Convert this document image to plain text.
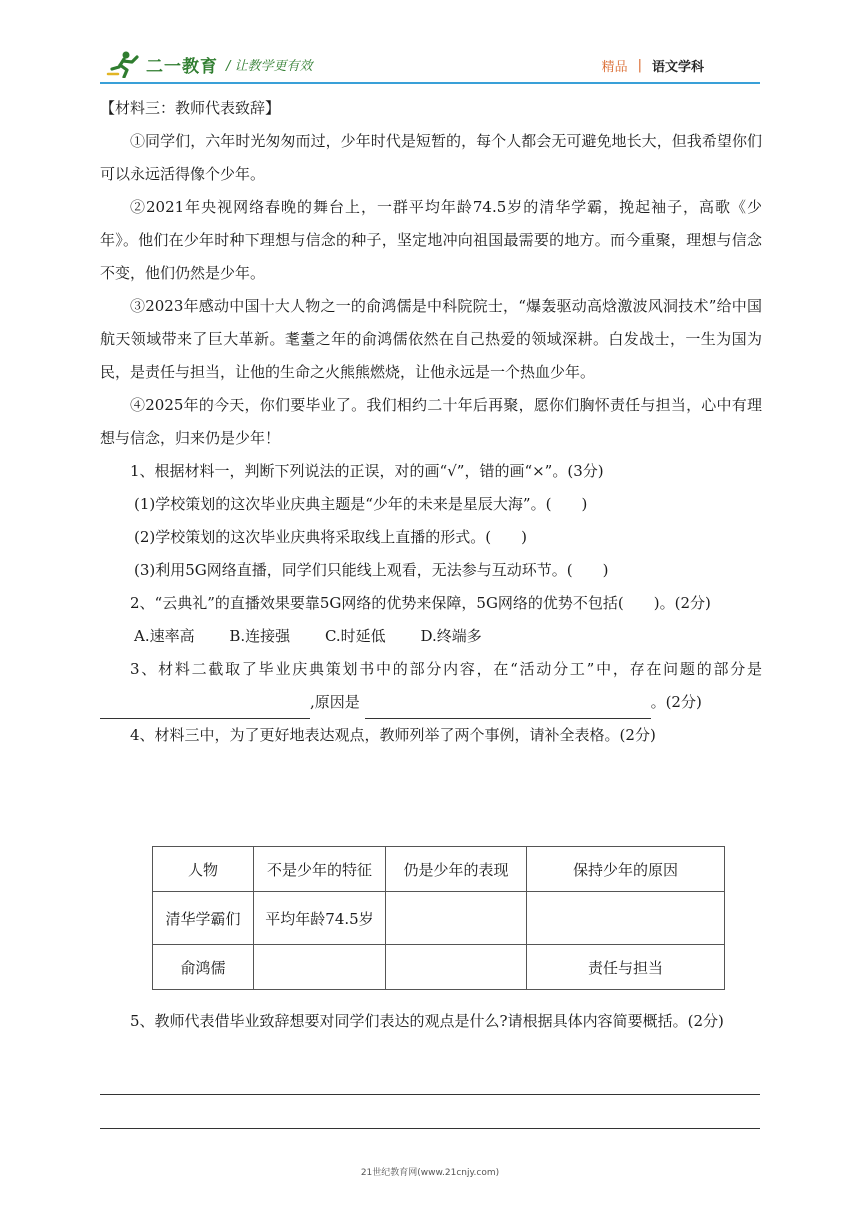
二一教育 / 让教学更有效	精品 | 语文学科

【材料三：教师代表致辞】

①同学们，六年时光匆匆而过，少年时代是短暂的，每个人都会无可避免地长大，但我希望你们可以永远活得像个少年。

②2021年央视网络春晚的舞台上，一群平均年龄74.5岁的清华学霸，挽起袖子，高歌《少年》。他们在少年时种下理想与信念的种子，坚定地冲向祖国最需要的地方。而今重聚，理想与信念不变，他们仍然是少年。

③2023年感动中国十大人物之一的俞鸿儒是中科院院士，“爆轰驱动高焓激波风洞技术”给中国航天领域带来了巨大革新。耄耋之年的俞鸿儒依然在自己热爱的领域深耕。白发战士，一生为国为民，是责任与担当，让他的生命之火熊熊燃烧，让他永远是一个热血少年。

④2025年的今天，你们要毕业了。我们相约二十年后再聚，愿你们胸怀责任与担当，心中有理想与信念，归来仍是少年！

1、根据材料一，判断下列说法的正误，对的画“√”，错的画“×”。(3分)

(1)学校策划的这次毕业庆典主题是“少年的未来是星辰大海”。(　　)

(2)学校策划的这次毕业庆典将采取线上直播的形式。(　　)

(3)利用5G网络直播，同学们只能线上观看，无法参与互动环节。(　　)

2、“云典礼”的直播效果要靠5G网络的优势来保障，5G网络的优势不包括(　　)。(2分)

A.速率高 B.连接强 C.时延低 D.终端多

3、材料二截取了毕业庆典策划书中的部分内容，在“活动分工”中，存在问题的部分是,原因是	。(2分)

4、材料三中，为了更好地表达观点，教师列举了两个事例，请补全表格。(2分)

人物	不是少年的特征	仍是少年的表现	保持少年的原因
清华学霸们	平均年龄74.5岁		
俞鸿儒			责任与担当

5、教师代表借毕业致辞想要对同学们表达的观点是什么?请根据具体内容简要概括。(2分)

21世纪教育网(www.21cnjy.com)
